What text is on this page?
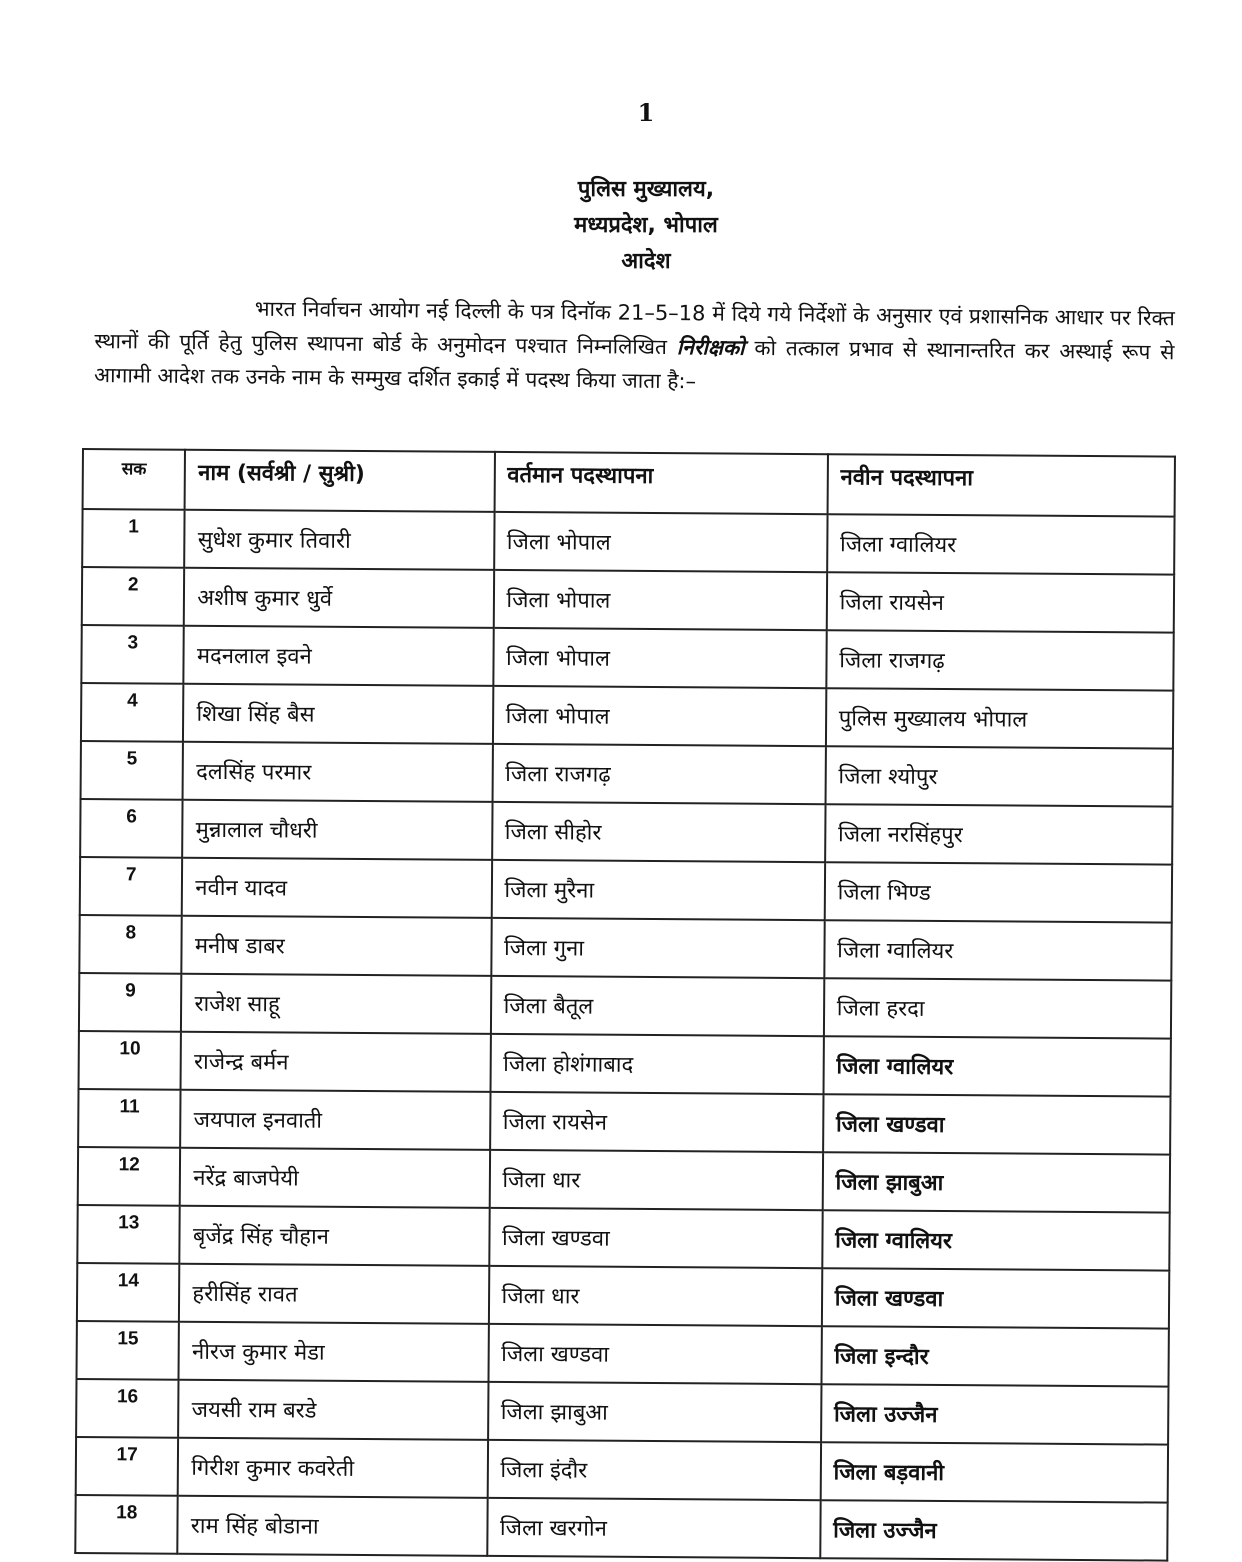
1
पुलिस मुख्यालय,
मध्यप्रदेश, भोपाल
आदेश
भारत निर्वाचन आयोग नई दिल्ली के पत्र दिनॉक 21–5–18 में दिये गये निर्देशों के अनुसार एवं प्रशासनिक आधार पर रिक्त स्थानों की पूर्ति हेतु पुलिस स्थापना बोर्ड के अनुमोदन पश्चात निम्नलिखित निरीक्षको को तत्काल प्रभाव से स्थानान्तरित कर अस्थाई रूप से आगामी आदेश तक उनके नाम के सम्मुख दर्शित इकाई में पदस्थ किया जाता है:–
सक	नाम (सर्वश्री / सुश्री)	वर्तमान पदस्थापना	नवीन पदस्थापना
1	सुधेश कुमार तिवारी	जिला भोपाल	जिला ग्वालियर
2	अशीष कुमार धुर्वे	जिला भोपाल	जिला रायसेन
3	मदनलाल इवने	जिला भोपाल	जिला राजगढ़
4	शिखा सिंह बैस	जिला भोपाल	पुलिस मुख्यालय भोपाल
5	दलसिंह परमार	जिला राजगढ़	जिला श्योपुर
6	मुन्नालाल चौधरी	जिला सीहोर	जिला नरसिंहपुर
7	नवीन यादव	जिला मुरैना	जिला भिण्ड
8	मनीष डाबर	जिला गुना	जिला ग्वालियर
9	राजेश साहू	जिला बैतूल	जिला हरदा
10	राजेन्द्र बर्मन	जिला होशंगाबाद	जिला ग्वालियर
11	जयपाल इनवाती	जिला रायसेन	जिला खण्डवा
12	नरेंद्र बाजपेयी	जिला धार	जिला झाबुआ
13	बृजेंद्र सिंह चौहान	जिला खण्डवा	जिला ग्वालियर
14	हरीसिंह रावत	जिला धार	जिला खण्डवा
15	नीरज कुमार मेडा	जिला खण्डवा	जिला इन्दौर
16	जयसी राम बरडे	जिला झाबुआ	जिला उज्जैन
17	गिरीश कुमार कवरेती	जिला इंदौर	जिला बड़वानी
18	राम सिंह बोडाना	जिला खरगोन	जिला उज्जैन
